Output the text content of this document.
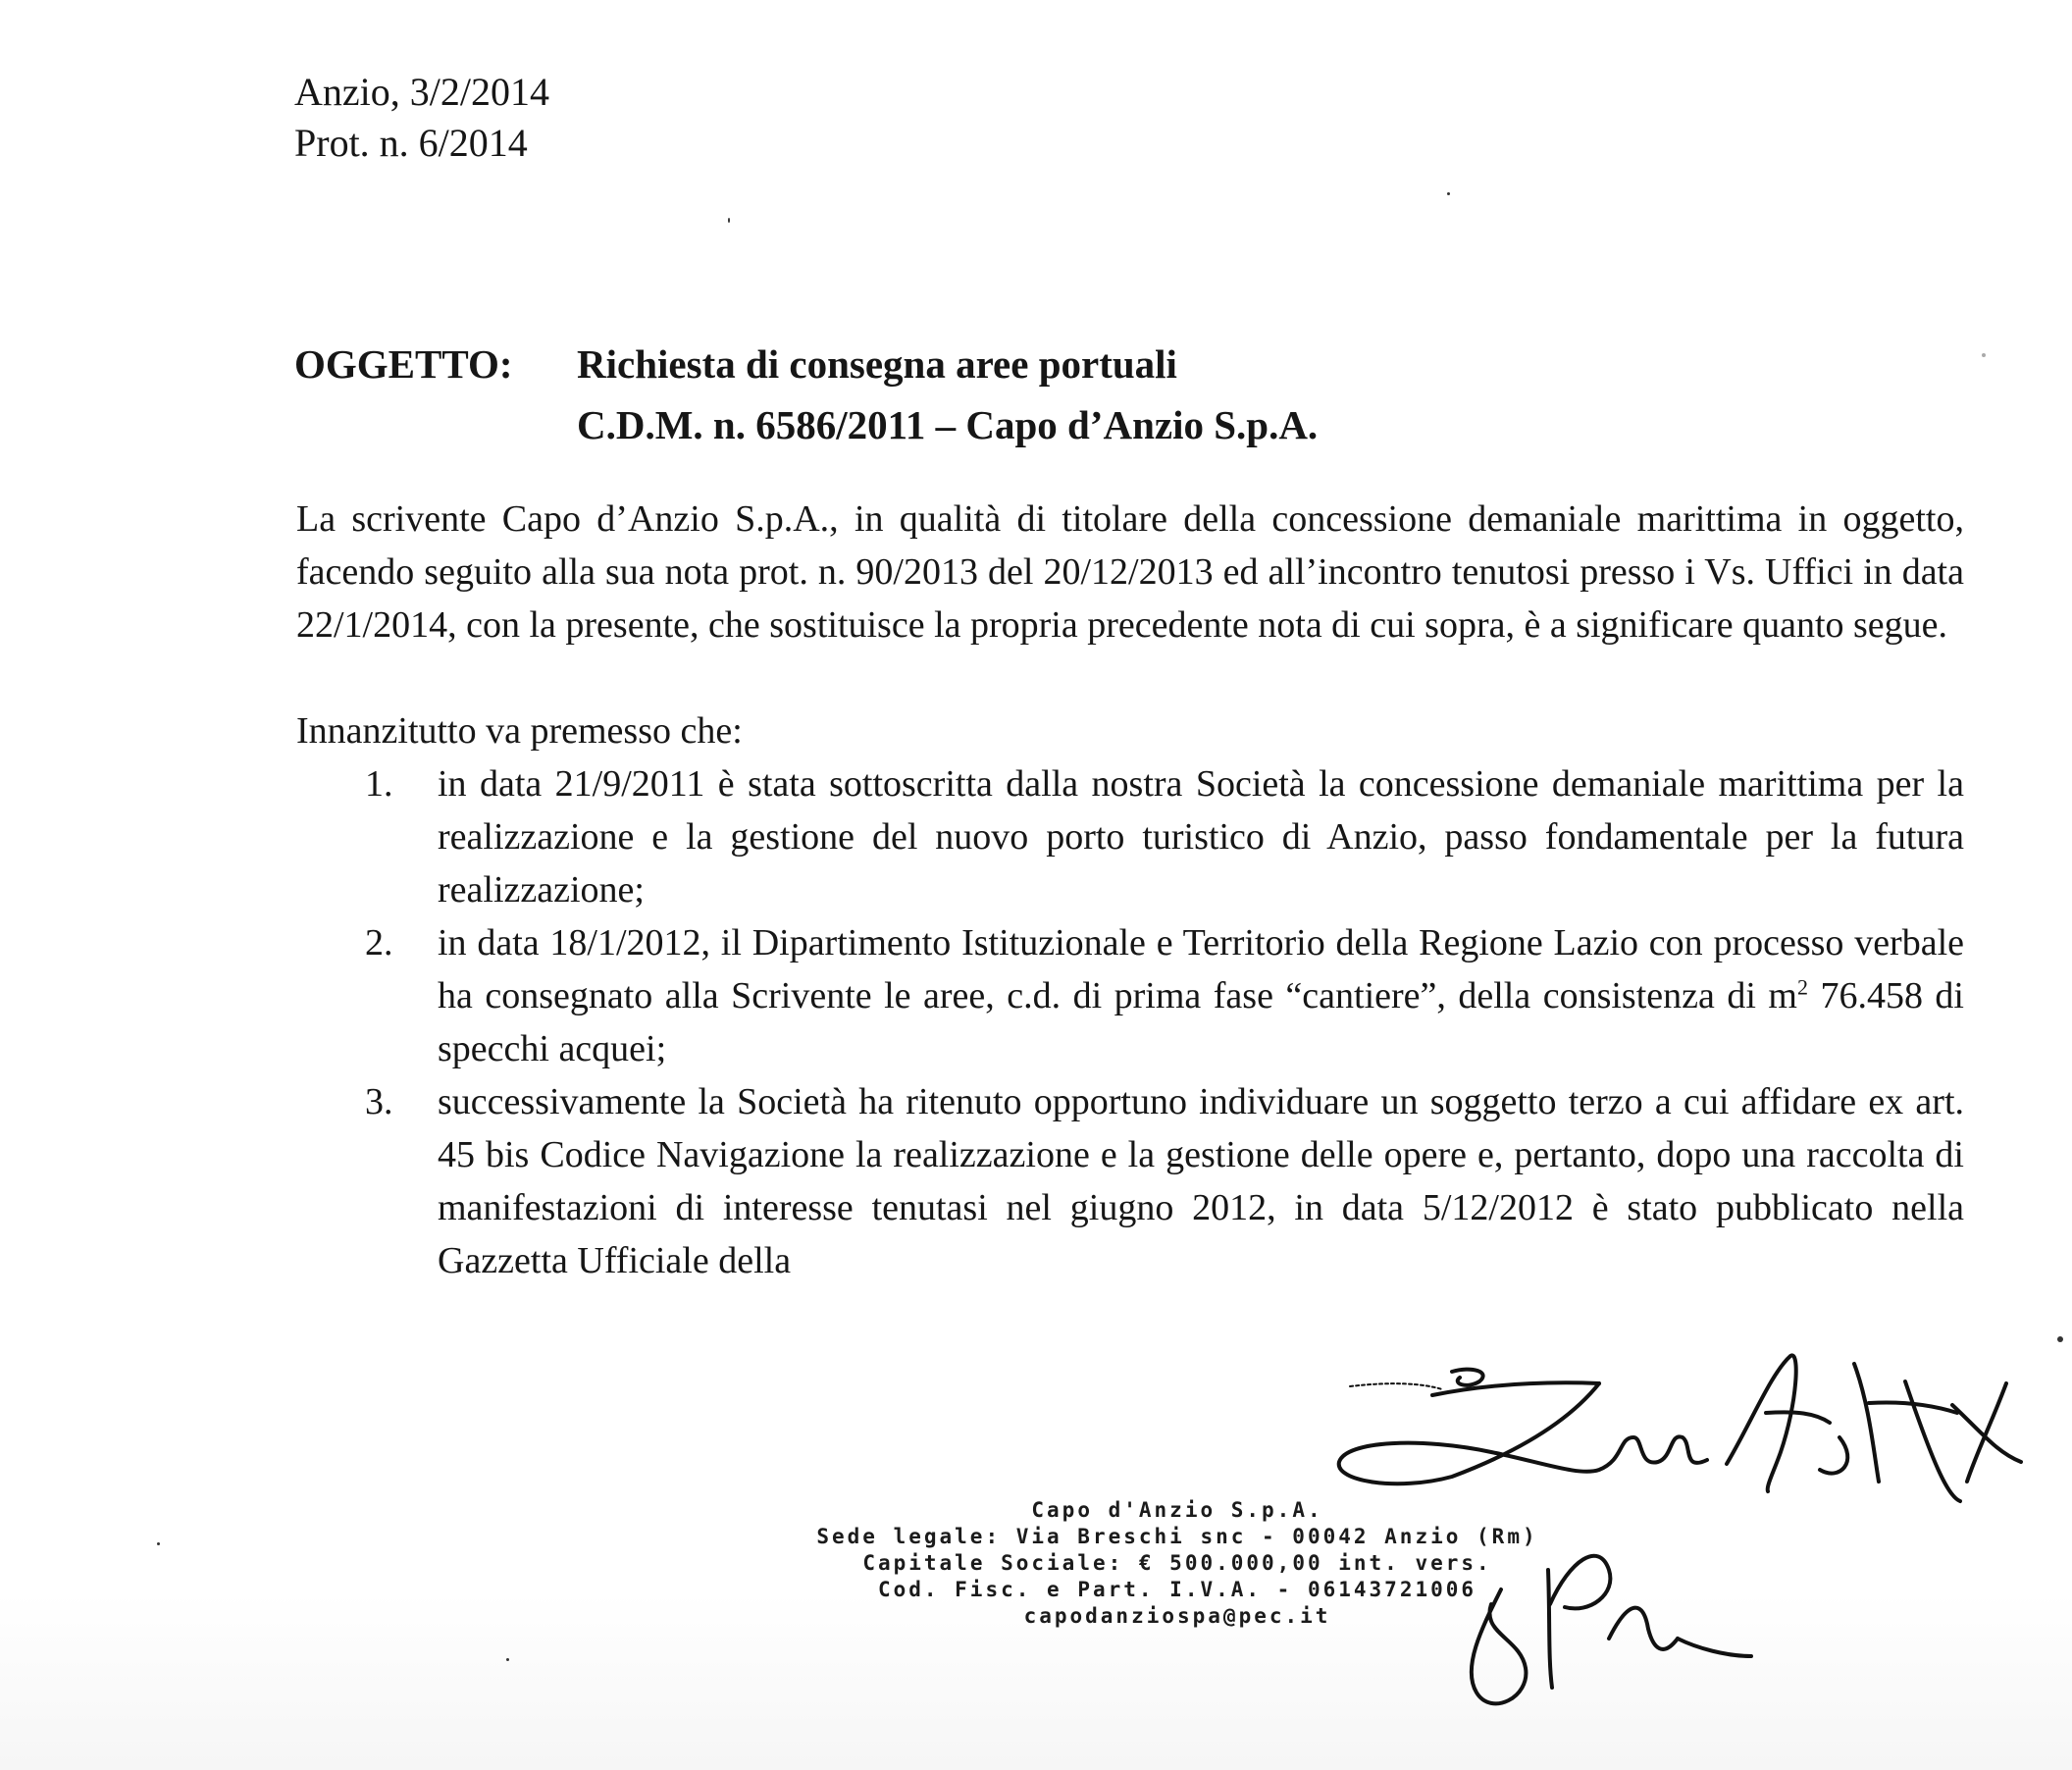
Anzio, 3/2/2014
Prot. n. 6/2014
OGGETTO: Richiesta di consegna aree portuali
C.D.M. n. 6586/2011 – Capo d’Anzio S.p.A.
La scrivente Capo d’Anzio S.p.A., in qualità di titolare della concessione demaniale marittima in oggetto, facendo seguito alla sua nota prot. n. 90/2013 del 20/12/2013 ed all’incontro tenutosi presso i Vs. Uffici in data 22/1/2014, con la presente, che sostituisce la propria precedente nota di cui sopra, è a significare quanto segue.
Innanzitutto va premesso che:
1. in data 21/9/2011 è stata sottoscritta dalla nostra Società la concessione demaniale marittima per la realizzazione e la gestione del nuovo porto turistico di Anzio, passo fondamentale per la futura realizzazione;
2. in data 18/1/2012, il Dipartimento Istituzionale e Territorio della Regione Lazio con processo verbale ha consegnato alla Scrivente le aree, c.d. di prima fase “cantiere”, della consistenza di $m^2$ 76.458 di specchi acquei;
3. successivamente la Società ha ritenuto opportuno individuare un soggetto terzo a cui affidare ex art. 45 bis Codice Navigazione la realizzazione e la gestione delle opere e, pertanto, dopo una raccolta di manifestazioni di interesse tenutasi nel giugno 2012, in data 5/12/2012 è stato pubblicato nella Gazzetta Ufficiale della
Capo d'Anzio S.p.A.
Sede legale: Via Breschi snc - 00042 Anzio (Rm)
Capitale Sociale: € 500.000,00 int. vers.
Cod. Fisc. e Part. I.V.A. - 06143721006
capodanziospa@pec.it
